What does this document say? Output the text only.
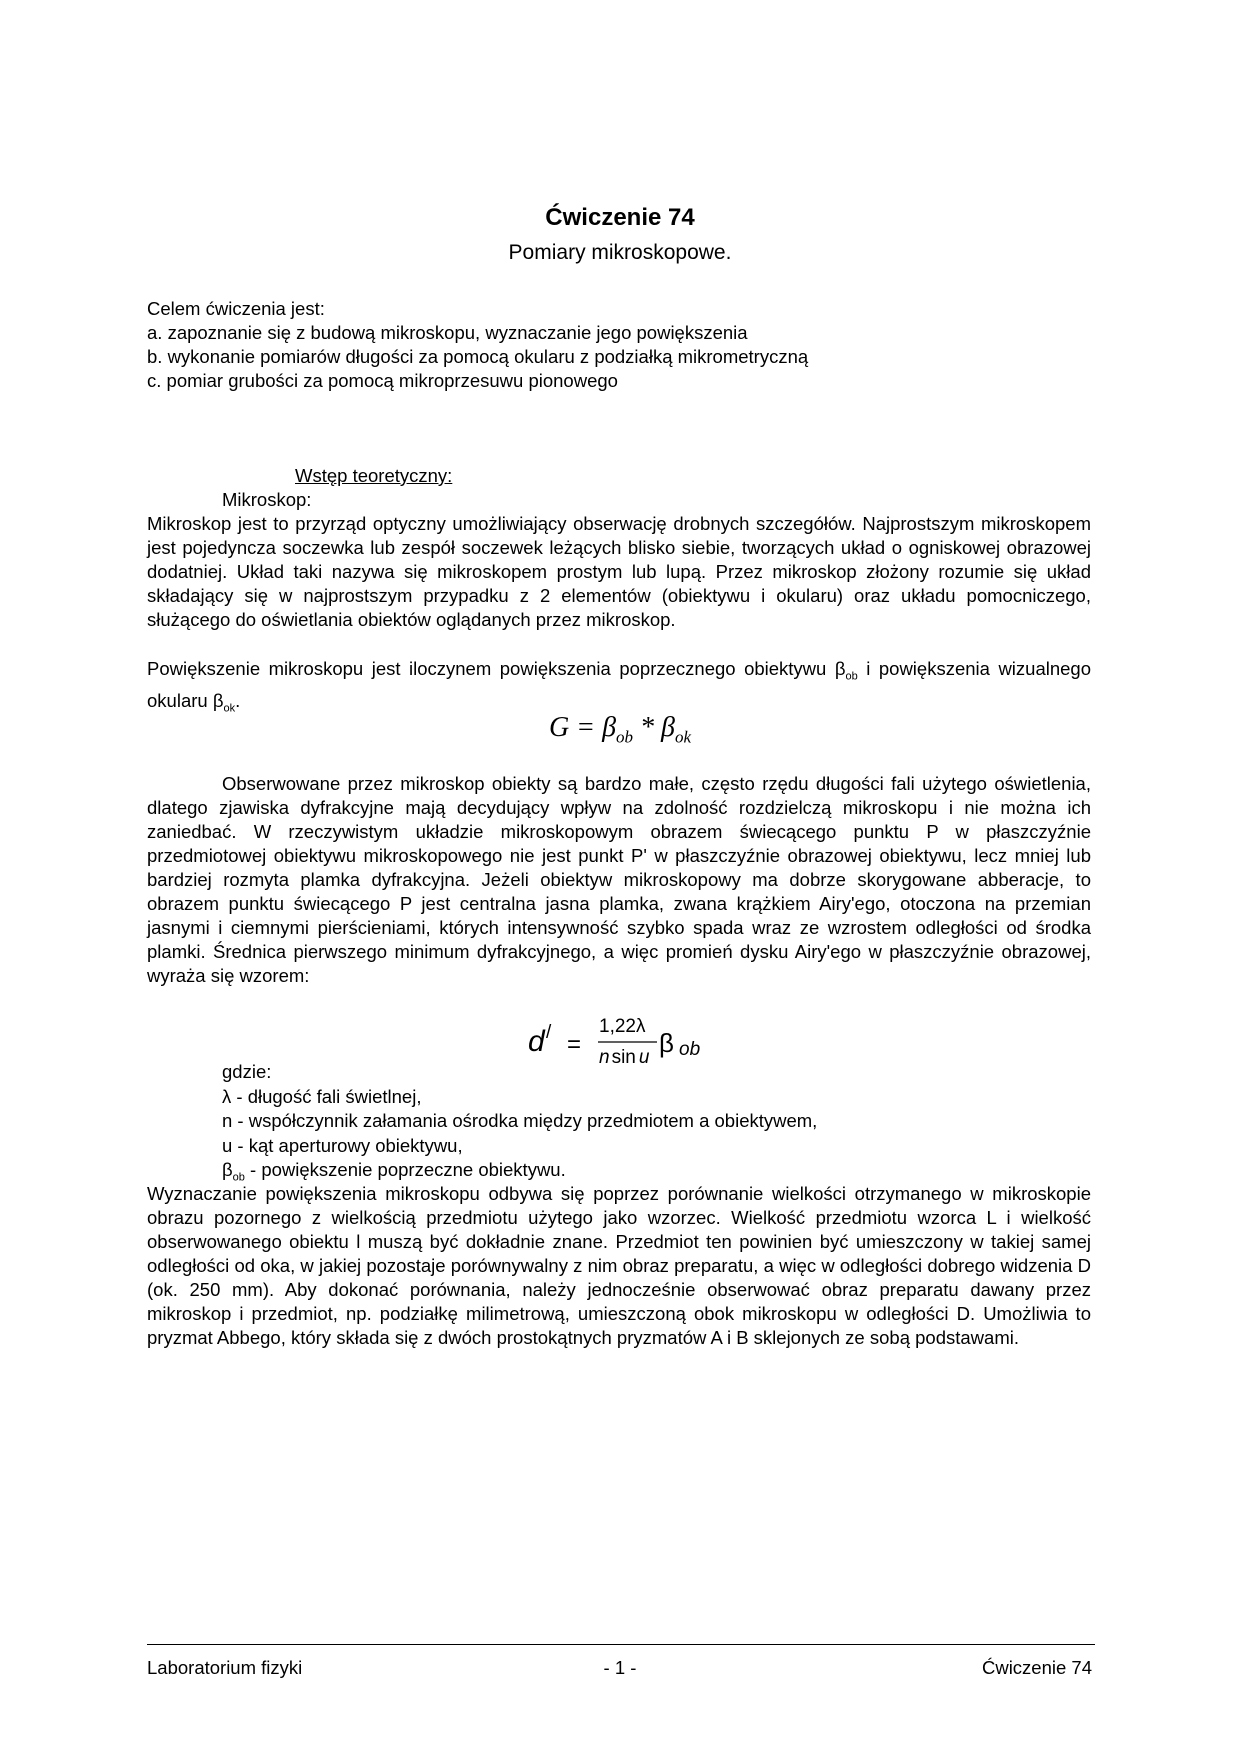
Ćwiczenie 74
Pomiary mikroskopowe.
Celem ćwiczenia jest:
a. zapoznanie się z budową mikroskopu, wyznaczanie jego powiększenia
b. wykonanie pomiarów długości za pomocą okularu z podziałką mikrometryczną
c. pomiar grubości za pomocą mikroprzesuwu pionowego
Wstęp teoretyczny:
Mikroskop:
Mikroskop jest to przyrząd optyczny umożliwiający obserwację drobnych szczegółów. Najprostszym mikroskopem jest pojedyncza soczewka lub zespół soczewek leżących blisko siebie, tworzących układ o ogniskowej obrazowej dodatniej. Układ taki nazywa się mikroskopem prostym lub lupą. Przez mikroskop złożony rozumie się układ składający się w najprostszym przypadku z 2 elementów (obiektywu i okularu) oraz układu pomocniczego, służącego do oświetlania obiektów oglądanych przez mikroskop.
Powiększenie mikroskopu jest iloczynem powiększenia poprzecznego obiektywu $\beta_{ob}$ i powiększenia wizualnego okularu $\beta_{ok}$.
$G = \beta_{ob} * \beta_{ok}$
Obserwowane przez mikroskop obiekty są bardzo małe, często rzędu długości fali użytego oświetlenia, dlatego zjawiska dyfrakcyjne mają decydujący wpływ na zdolność rozdzielczą mikroskopu i nie można ich zaniedbać. W rzeczywistym układzie mikroskopowym obrazem świecącego punktu P w płaszczyźnie przedmiotowej obiektywu mikroskopowego nie jest punkt P' w płaszczyźnie obrazowej obiektywu, lecz mniej lub bardziej rozmyta plamka dyfrakcyjna. Jeżeli obiektyw mikroskopowy ma dobrze skorygowane abberacje, to obrazem punktu świecącego P jest centralna jasna plamka, zwana krążkiem Airy'ego, otoczona na przemian jasnymi i ciemnymi pierścieniami, których intensywność szybko spada wraz ze wzrostem odległości od środka plamki. Średnica pierwszego minimum dyfrakcyjnego, a więc promień dysku Airy'ego w płaszczyźnie obrazowej, wyraża się wzorem:
d / =
1,22λ
n sin u β ob
gdzie:
λ - długość fali świetlnej,
n - współczynnik załamania ośrodka między przedmiotem a obiektywem,
u - kąt aperturowy obiektywu,
$\beta_{ob}$ - powiększenie poprzeczne obiektywu.
Wyznaczanie powiększenia mikroskopu odbywa się poprzez porównanie wielkości otrzymanego w mikroskopie obrazu pozornego z wielkością przedmiotu użytego jako wzorzec. Wielkość przedmiotu wzorca L i wielkość obserwowanego obiektu l muszą być dokładnie znane. Przedmiot ten powinien być umieszczony w takiej samej odległości od oka, w jakiej pozostaje porównywalny z nim obraz preparatu, a więc w odległości dobrego widzenia D (ok. 250 mm). Aby dokonać porównania, należy jednocześnie obserwować obraz preparatu dawany przez mikroskop i przedmiot, np. podziałkę milimetrową, umieszczoną obok mikroskopu w odległości D. Umożliwia to pryzmat Abbego, który składa się z dwóch prostokątnych pryzmatów A i B sklejonych ze sobą podstawami.
Laboratorium fizyki	- 1 -	Ćwiczenie 74
